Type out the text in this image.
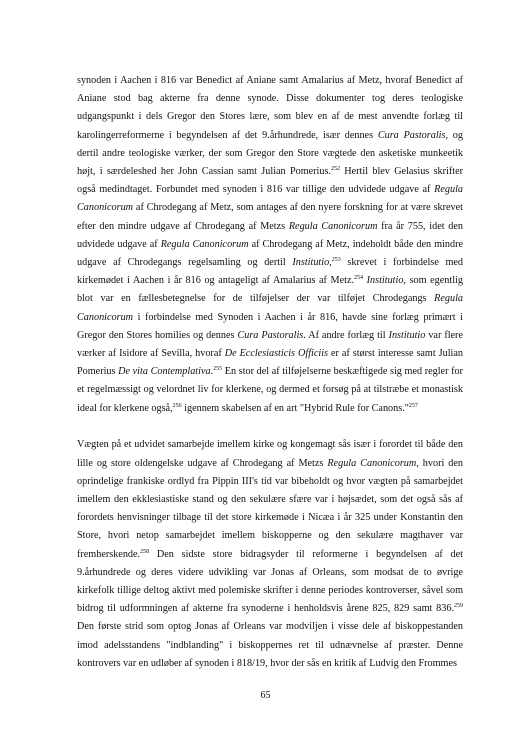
synoden i Aachen i 816 var Benedict af Aniane samt Amalarius af Metz, hvoraf Benedict af
Aniane stod bag akterne fra denne synode. Disse dokumenter tog deres teologiske
udgangspunkt i dels Gregor den Stores lære, som blev en af de mest anvendte forlæg til
karolingerreformerne i begyndelsen af det 9.århundrede, især dennes Cura Pastoralis, og
dertil andre teologiske værker, der som Gregor den Store vægtede den asketiske munkeetik
højt, i særdeleshed her John Cassian samt Julian Pomerius.$^{252}$ Hertil blev Gelasius skrifter
også medindtaget. Forbundet med synoden i 816 var tillige den udvidede udgave af Regula
Canonicorum af Chrodegang af Metz, som antages af den nyere forskning for at være skrevet
efter den mindre udgave af Chrodegang af Metzs Regula Canonicorum fra år 755, idet den
udvidede udgave af Regula Canonicorum af Chrodegang af Metz, indeholdt både den mindre
udgave af Chrodegangs regelsamling og dertil Institutio,$^{253}$ skrevet i forbindelse med
kirkemødet i Aachen i år 816 og antageligt af Amalarius af Metz.$^{254}$ Institutio, som egentlig
blot var en fællesbetegnelse for de tilføjelser der var tilføjet Chrodegangs Regula
Canonicorum i forbindelse med Synoden i Aachen i år 816, havde sine forlæg primært i
Gregor den Stores homilies og dennes Cura Pastoralis. Af andre forlæg til Institutio var flere
værker af Isidore af Sevilla, hvoraf De Ecclesiasticis Officiis er af størst interesse samt Julian
Pomerius De vita Contemplativa.$^{255}$ En stor del af tilføjelserne beskæftigede sig med regler for
et regelmæssigt og velordnet liv for klerkene, og dermed et forsøg på at tilstræbe et monastisk
ideal for klerkene også,$^{256}$ igennem skabelsen af en art "Hybrid Rule for Canons."$^{257}$
Vægten på et udvidet samarbejde imellem kirke og kongemagt sås især i forordet til både den
lille og store oldengelske udgave af Chrodegang af Metzs Regula Canonicorum, hvori den
oprindelige frankiske ordlyd fra Pippin III's tid var bibeholdt og hvor vægten på samarbejdet
imellem den ekklesiastiske stand og den sekulære sfære var i højsædet, som det også sås af
forordets henvisninger tilbage til det store kirkemøde i Nicæa i år 325 under Konstantin den
Store, hvori netop samarbejdet imellem biskopperne og den sekulære magthaver var
fremherskende.$^{258}$ Den sidste store bidragsyder til reformerne i begyndelsen af det
9.århundrede og deres videre udvikling var Jonas af Orleans, som modsat de to øvrige
kirkefolk tillige deltog aktivt med polemiske skrifter i denne periodes kontroverser, såvel som
bidrog til udformningen af akterne fra synoderne i henholdsvis årene 825, 829 samt 836.$^{259}$
Den første strid som optog Jonas af Orleans var modviljen i visse dele af biskoppestanden
imod adelsstandens "indblanding" i biskoppernes ret til udnævnelse af præster. Denne
kontrovers var en udløber af synoden i 818/19, hvor der sås en kritik af Ludvig den Frommes
65
